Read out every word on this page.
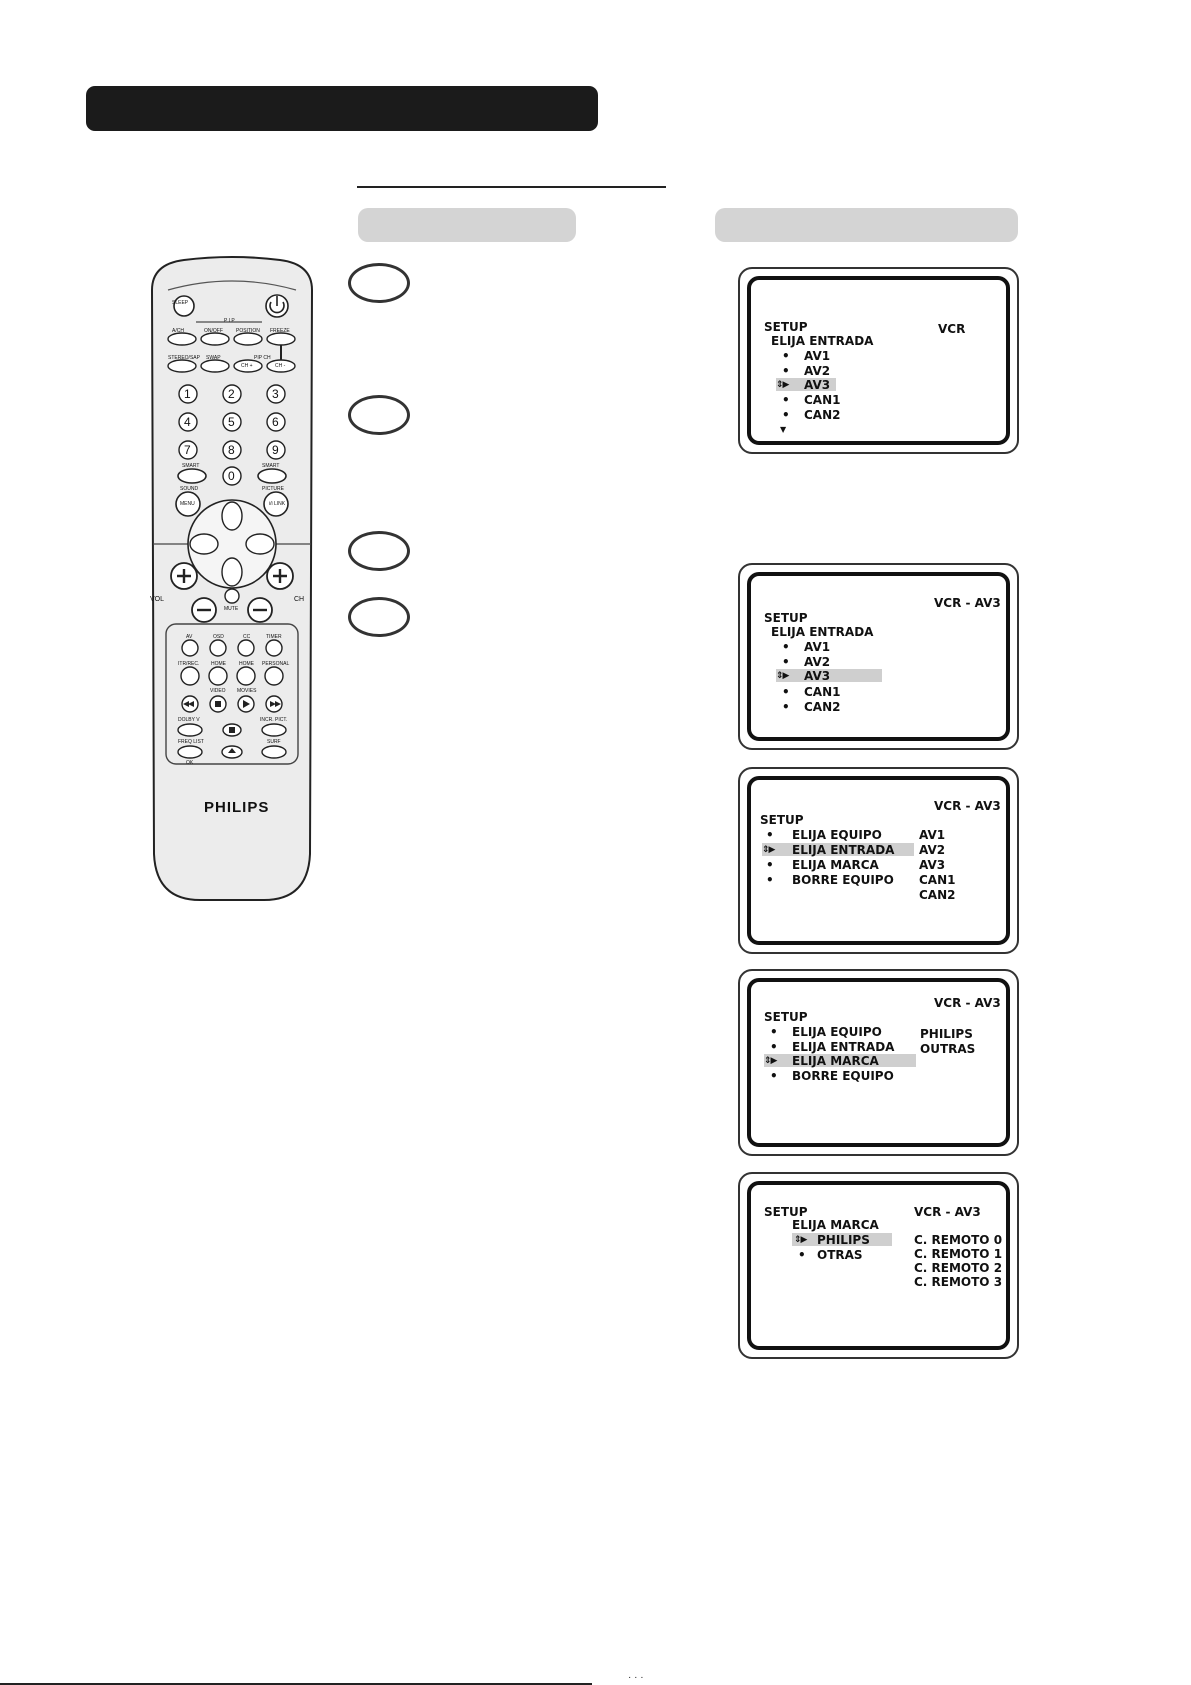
SLEEP
P I P
A/CH	ON/OFF	POSITION FREEZE
STEREO/SAP SWAP	PIP CH
CH +	CH -
1	2	3
4	5	6
7	8	9
0
SMART	SMART
SOUND	PICTURE
MENU	i/i LINK
VOL	CH
MUTE
AV	OSD	CC	TIMER
ITR/REC. HOME	HOME PERSONAL
VIDEO MOVIES
DOLBY V	INCR. PICT.
FREQ LIST
OK
SURF
PHILIPS
VCR
SETUP
ELIJA ENTRADA
• AV1
• AV2
⇕▶ AV3
• CAN1
• CAN2
▼
VCR - AV3
SETUP
ELIJA ENTRADA
• AV1
• AV2
⇕▶ AV3
• CAN1
• CAN2
VCR - AV3
SETUP
• ELIJA EQUIPO
⇕▶ ELIJA ENTRADA
• ELIJA MARCA
• BORRE EQUIPO
AV1
AV2
AV3
CAN1
CAN2
VCR - AV3
SETUP
• ELIJA EQUIPO
• ELIJA ENTRADA
⇕▶ ELIJA MARCA
• BORRE EQUIPO
PHILIPS
OUTRAS
SETUP	VCR - AV3
ELIJA MARCA
⇕▶ PHILIPS
• OTRAS
C. REMOTO 0
C. REMOTO 1
C. REMOTO 2
C. REMOTO 3
· · ·
